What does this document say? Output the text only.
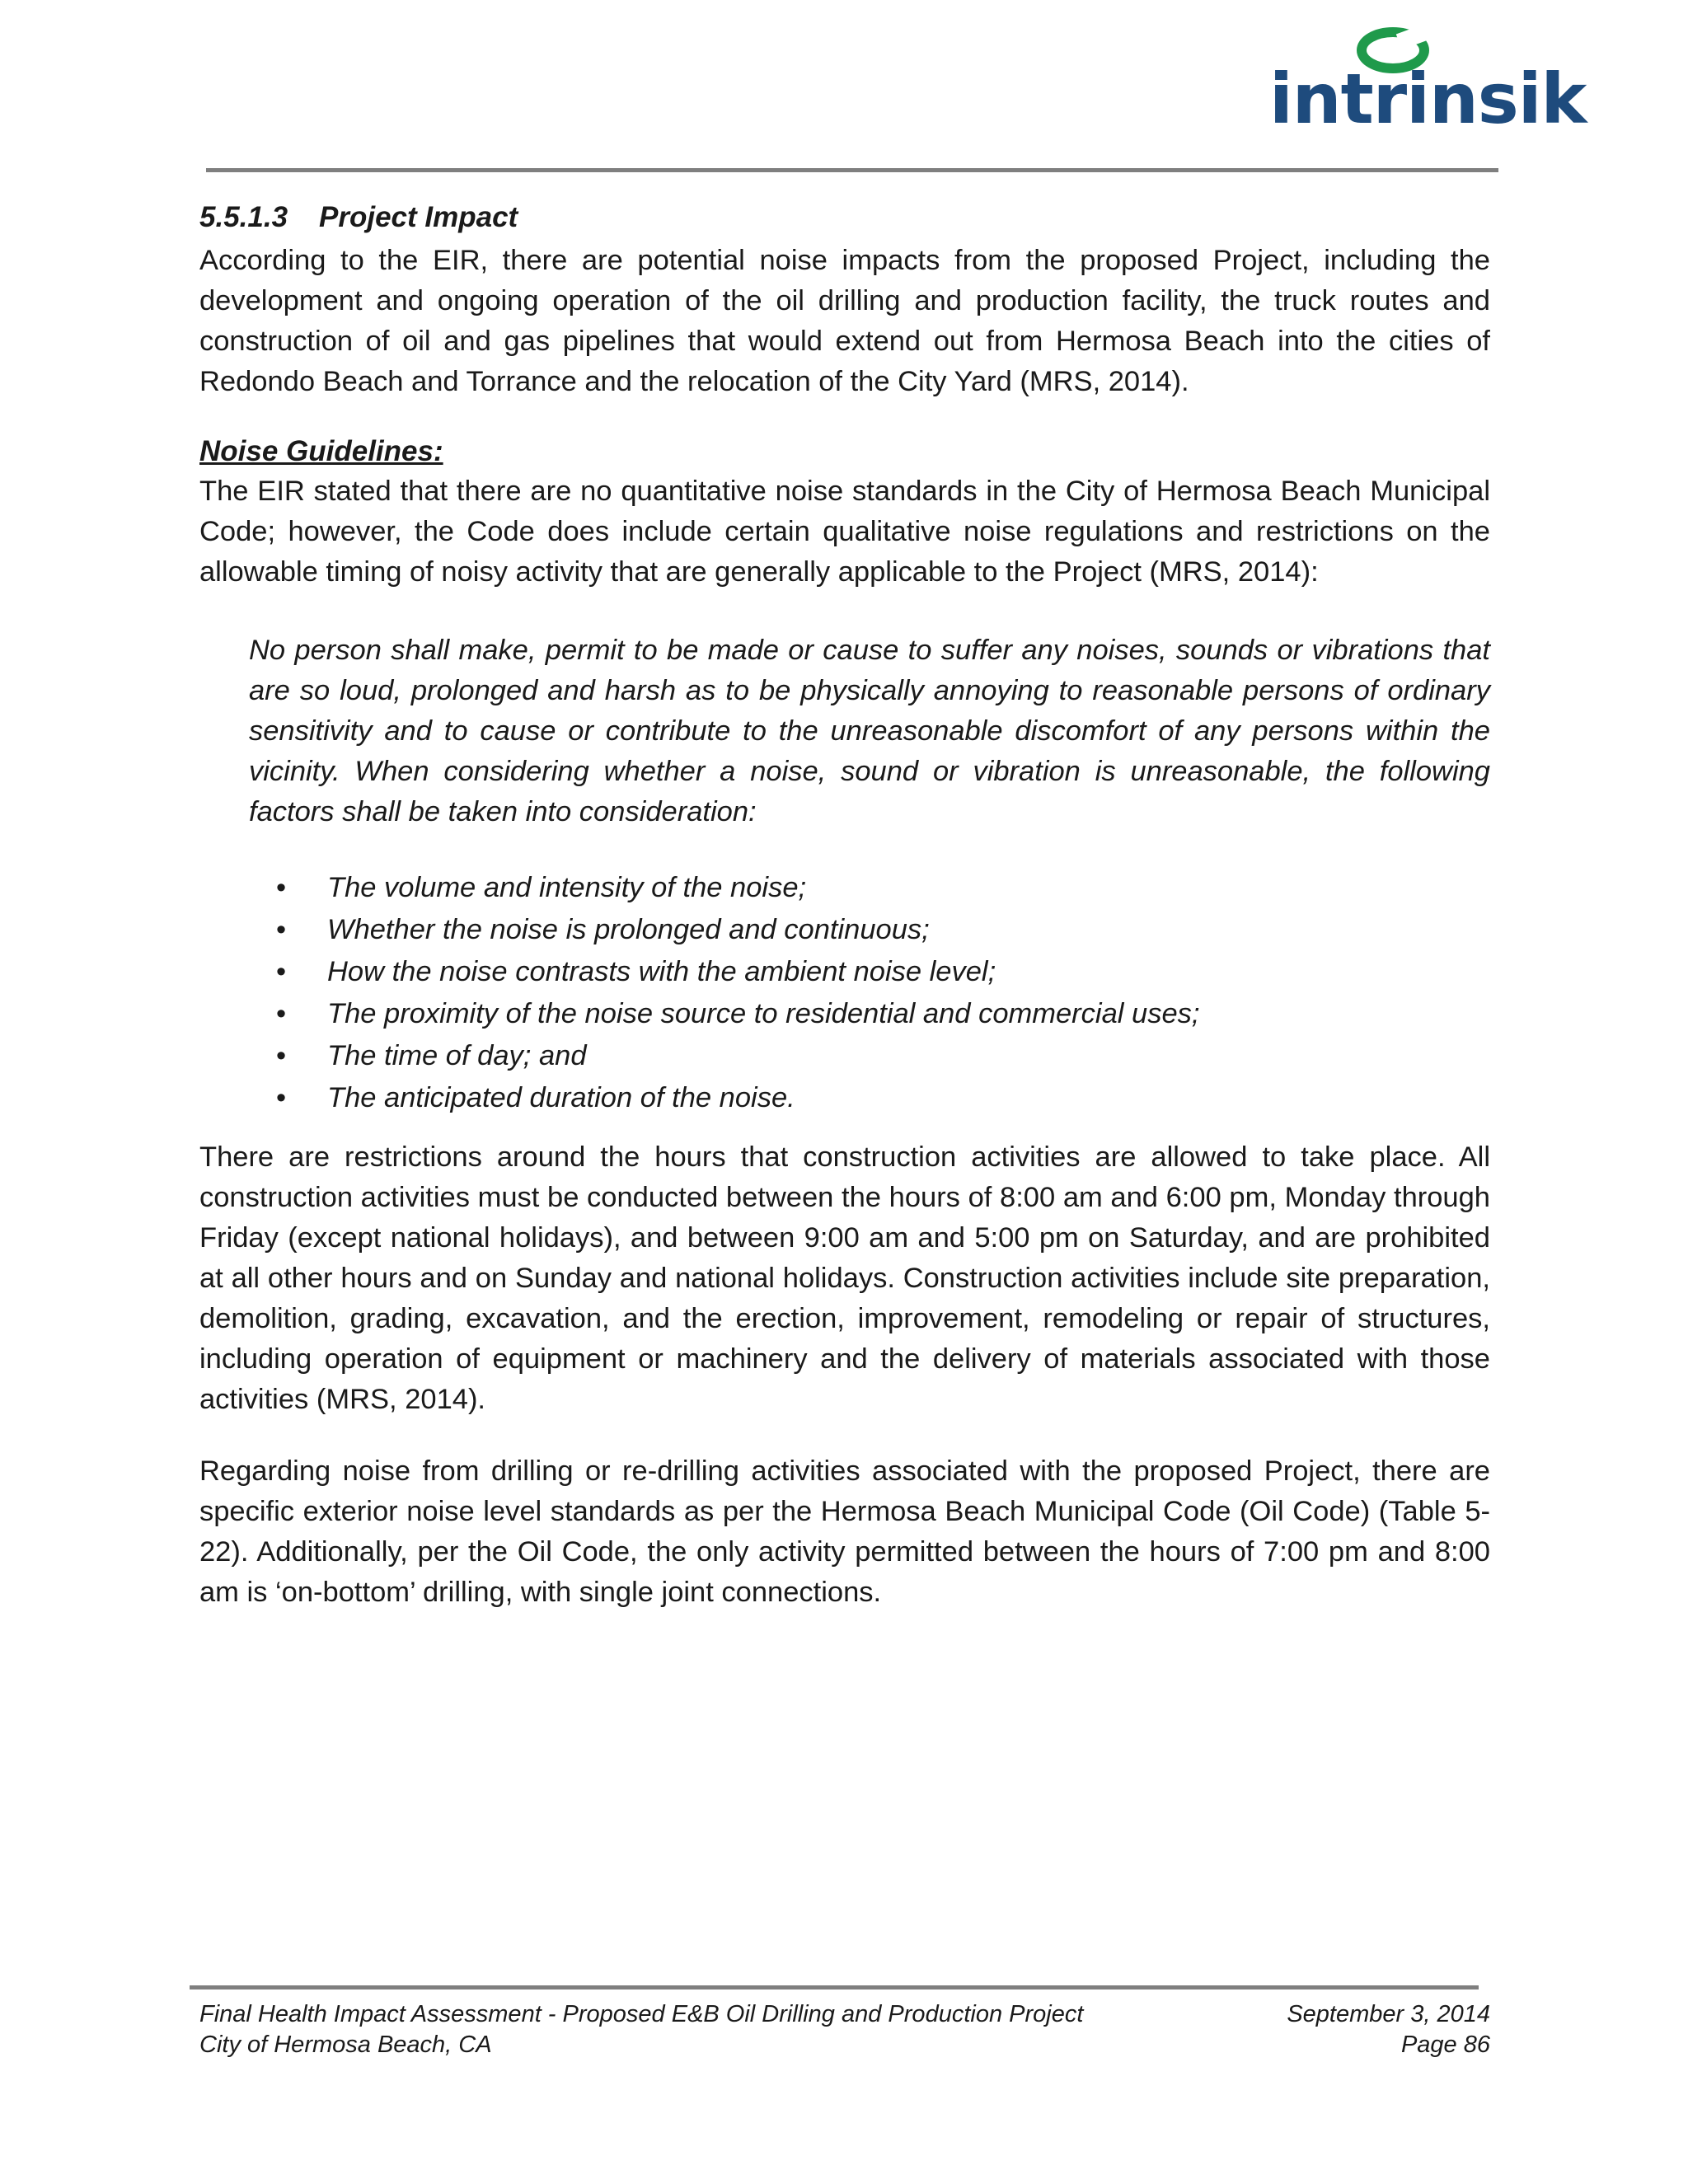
intrinsik
5.5.1.3 Project Impact

According to the EIR, there are potential noise impacts from the proposed Project, including the development and ongoing operation of the oil drilling and production facility, the truck routes and construction of oil and gas pipelines that would extend out from Hermosa Beach into the cities of Redondo Beach and Torrance and the relocation of the City Yard (MRS, 2014).

Noise Guidelines:

The EIR stated that there are no quantitative noise standards in the City of Hermosa Beach Municipal Code; however, the Code does include certain qualitative noise regulations and restrictions on the allowable timing of noisy activity that are generally applicable to the Project (MRS, 2014):

No person shall make, permit to be made or cause to suffer any noises, sounds or vibrations that are so loud, prolonged and harsh as to be physically annoying to reasonable persons of ordinary sensitivity and to cause or contribute to the unreasonable discomfort of any persons within the vicinity. When considering whether a noise, sound or vibration is unreasonable, the following factors shall be taken into consideration:
• The volume and intensity of the noise;
• Whether the noise is prolonged and continuous;
• How the noise contrasts with the ambient noise level;
• The proximity of the noise source to residential and commercial uses;
• The time of day; and
• The anticipated duration of the noise.

There are restrictions around the hours that construction activities are allowed to take place. All construction activities must be conducted between the hours of 8:00 am and 6:00 pm, Monday through Friday (except national holidays), and between 9:00 am and 5:00 pm on Saturday, and are prohibited at all other hours and on Sunday and national holidays. Construction activities include site preparation, demolition, grading, excavation, and the erection, improvement, remodeling or repair of structures, including operation of equipment or machinery and the delivery of materials associated with those activities (MRS, 2014).

Regarding noise from drilling or re-drilling activities associated with the proposed Project, there are specific exterior noise level standards as per the Hermosa Beach Municipal Code (Oil Code) (Table 5-22). Additionally, per the Oil Code, the only activity permitted between the hours of 7:00 pm and 8:00 am is ‘on-bottom’ drilling, with single joint connections.

Final Health Impact Assessment - Proposed E&B Oil Drilling and Production Project	September 3, 2014
City of Hermosa Beach, CA	Page 86
